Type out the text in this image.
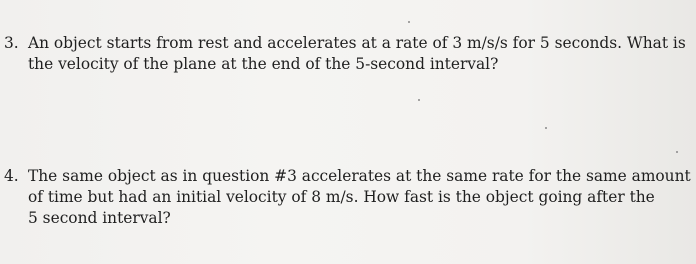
3. An object starts from rest and accelerates at a rate of 3 m/s/s for 5 seconds. What is
the velocity of the plane at the end of the 5-second interval?
4. The same object as in question #3 accelerates at the same rate for the same amount
of time but had an initial velocity of 8 m/s. How fast is the object going after the
5 second interval?
